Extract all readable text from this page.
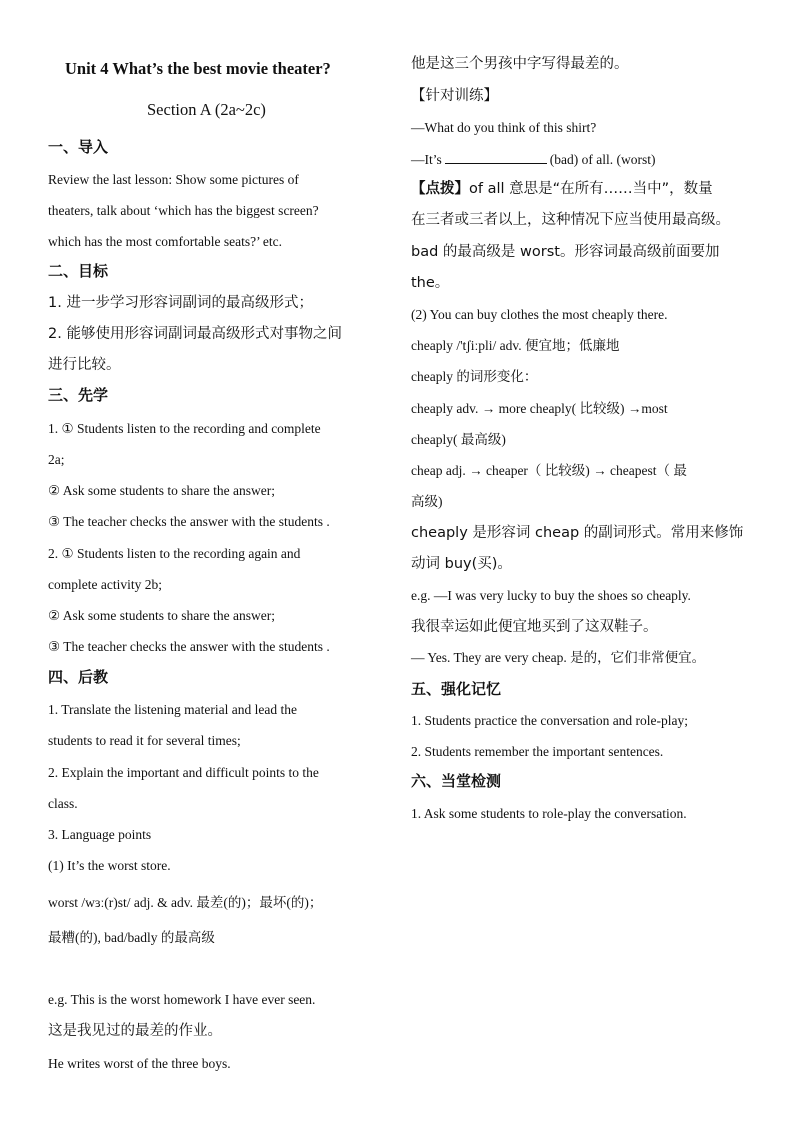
Unit 4 What’s the best movie theater?
Section A (2a~2c)
一、导入
Review the last lesson: Show some pictures of
theaters, talk about ‘which has the biggest screen?
which has the most comfortable seats?’ etc.
二、目标
1. 进一步学习形容词副词的最高级形式；
2. 能够使用形容词副词最高级形式对事物之间
进行比较。
三、先学
1. ① Students listen to the recording and complete
2a;
② Ask some students to share the answer;
③ The teacher checks the answer with the students .
2. ① Students listen to the recording again and
complete activity 2b;
② Ask some students to share the answer;
③ The teacher checks the answer with the students .
四、后教
1. Translate the listening material and lead the
students to read it for several times;
2. Explain the important and difficult points to the
class.
3. Language points
(1) It’s the worst store.
worst /wɜː(r)st/ adj. & adv. 最差(的)；最坏(的)；
最糟(的), bad/badly 的最高级
e.g. This is the worst homework I have ever seen.
这是我见过的最差的作业。
He writes worst of the three boys.
他是这三个男孩中字写得最差的。
【针对训练】
—What do you think of this shirt?
—It’s	(bad) of all. (worst)
【点拨】of all 意思是“在所有……当中”，数量
在三者或三者以上，这种情况下应当使用最高级。
bad 的最高级是 worst。形容词最高级前面要加
the。
(2) You can buy clothes the most cheaply there.
cheaply /'tʃiːpli/ adv. 便宜地；低廉地
cheaply 的词形变化：
cheaply adv. → more cheaply( 比较级) →most
cheaply( 最高级)
cheap adj. → cheaper（ 比较级) → cheapest（ 最
高级)
cheaply 是形容词 cheap 的副词形式。常用来修饰
动词 buy(买)。
e.g. —I was very lucky to buy the shoes so cheaply.
我很幸运如此便宜地买到了这双鞋子。
— Yes. They are very cheap. 是的，它们非常便宜。
五、强化记忆
1. Students practice the conversation and role-play;
2. Students remember the important sentences.
六、当堂检测
1. Ask some students to role-play the conversation.
